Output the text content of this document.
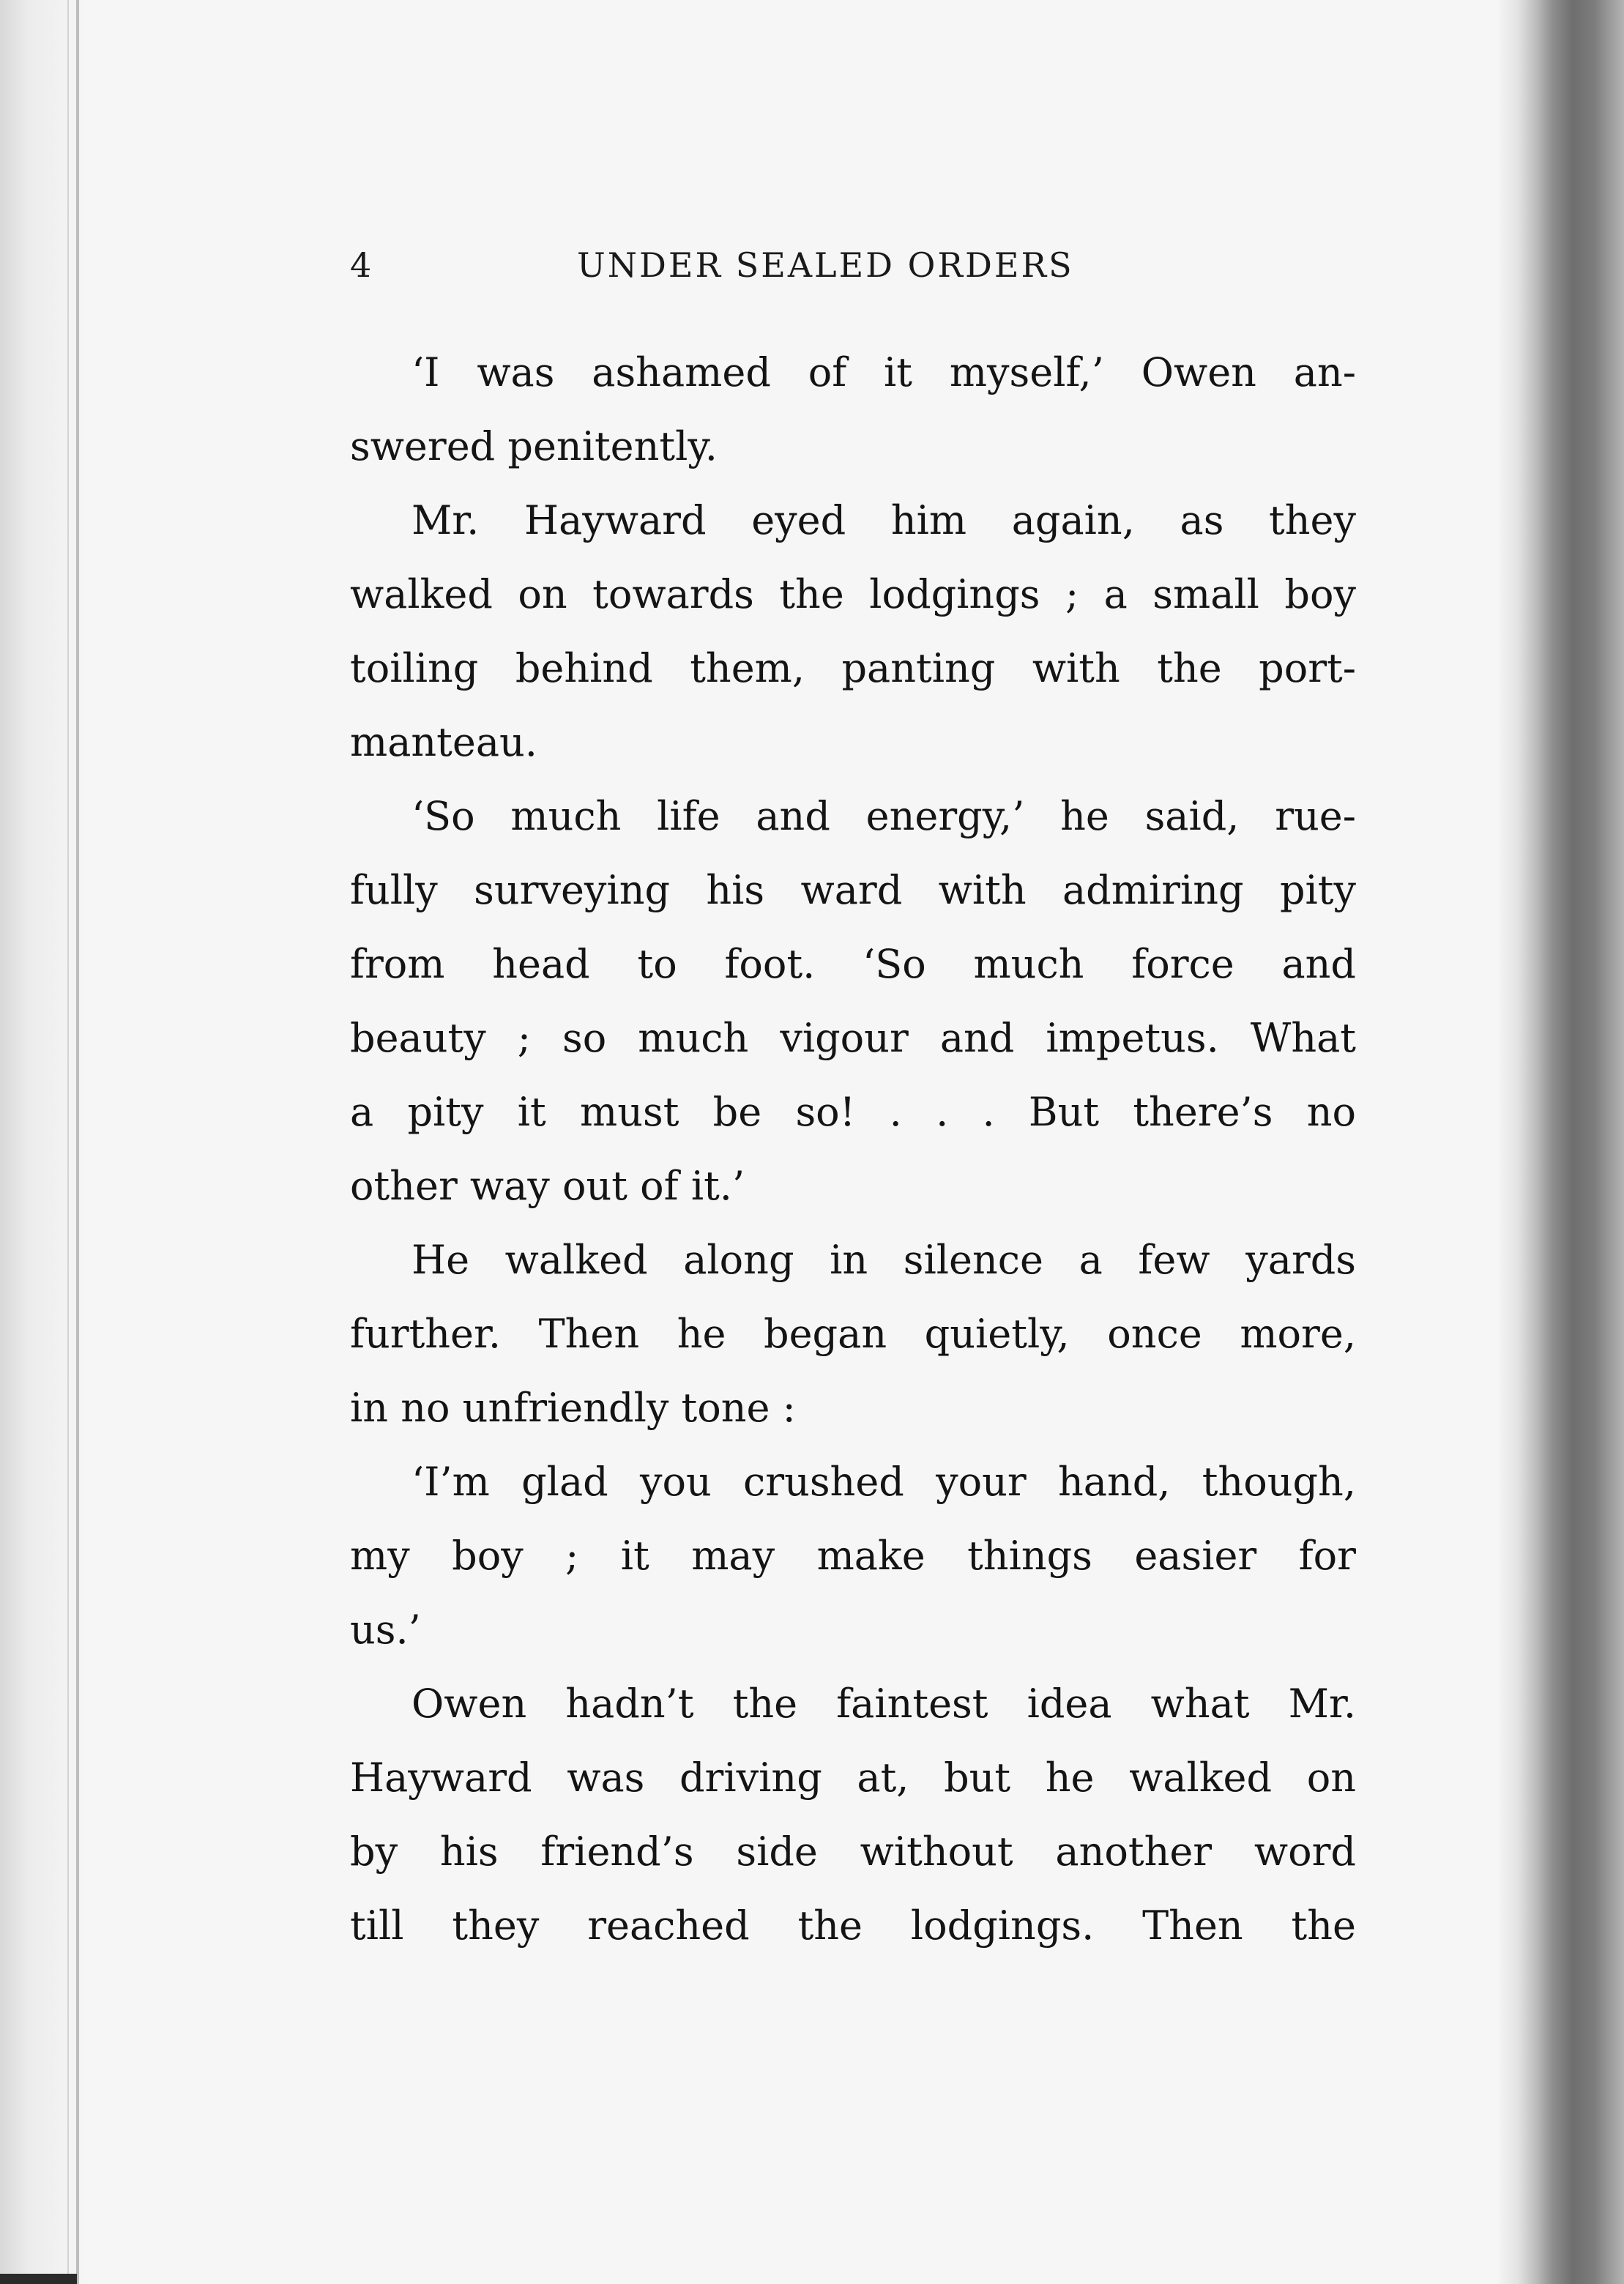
4	UNDER SEALED ORDERS
‘I was ashamed of it myself,’ Owen an-
swered penitently.
Mr. Hayward eyed him again, as they
walked on towards the lodgings ; a small boy
toiling behind them, panting with the port-
manteau.
‘So much life and energy,’ he said, rue-
fully surveying his ward with admiring pity
from head to foot. ‘So much force and
beauty ; so much vigour and impetus. What
a pity it must be so! . . . But there’s no
other way out of it.’
He walked along in silence a few yards
further. Then he began quietly, once more,
in no unfriendly tone :
‘I’m glad you crushed your hand, though,
my boy ; it may make things easier for
us.’
Owen hadn’t the faintest idea what Mr.
Hayward was driving at, but he walked on
by his friend’s side without another word
till they reached the lodgings. Then the
